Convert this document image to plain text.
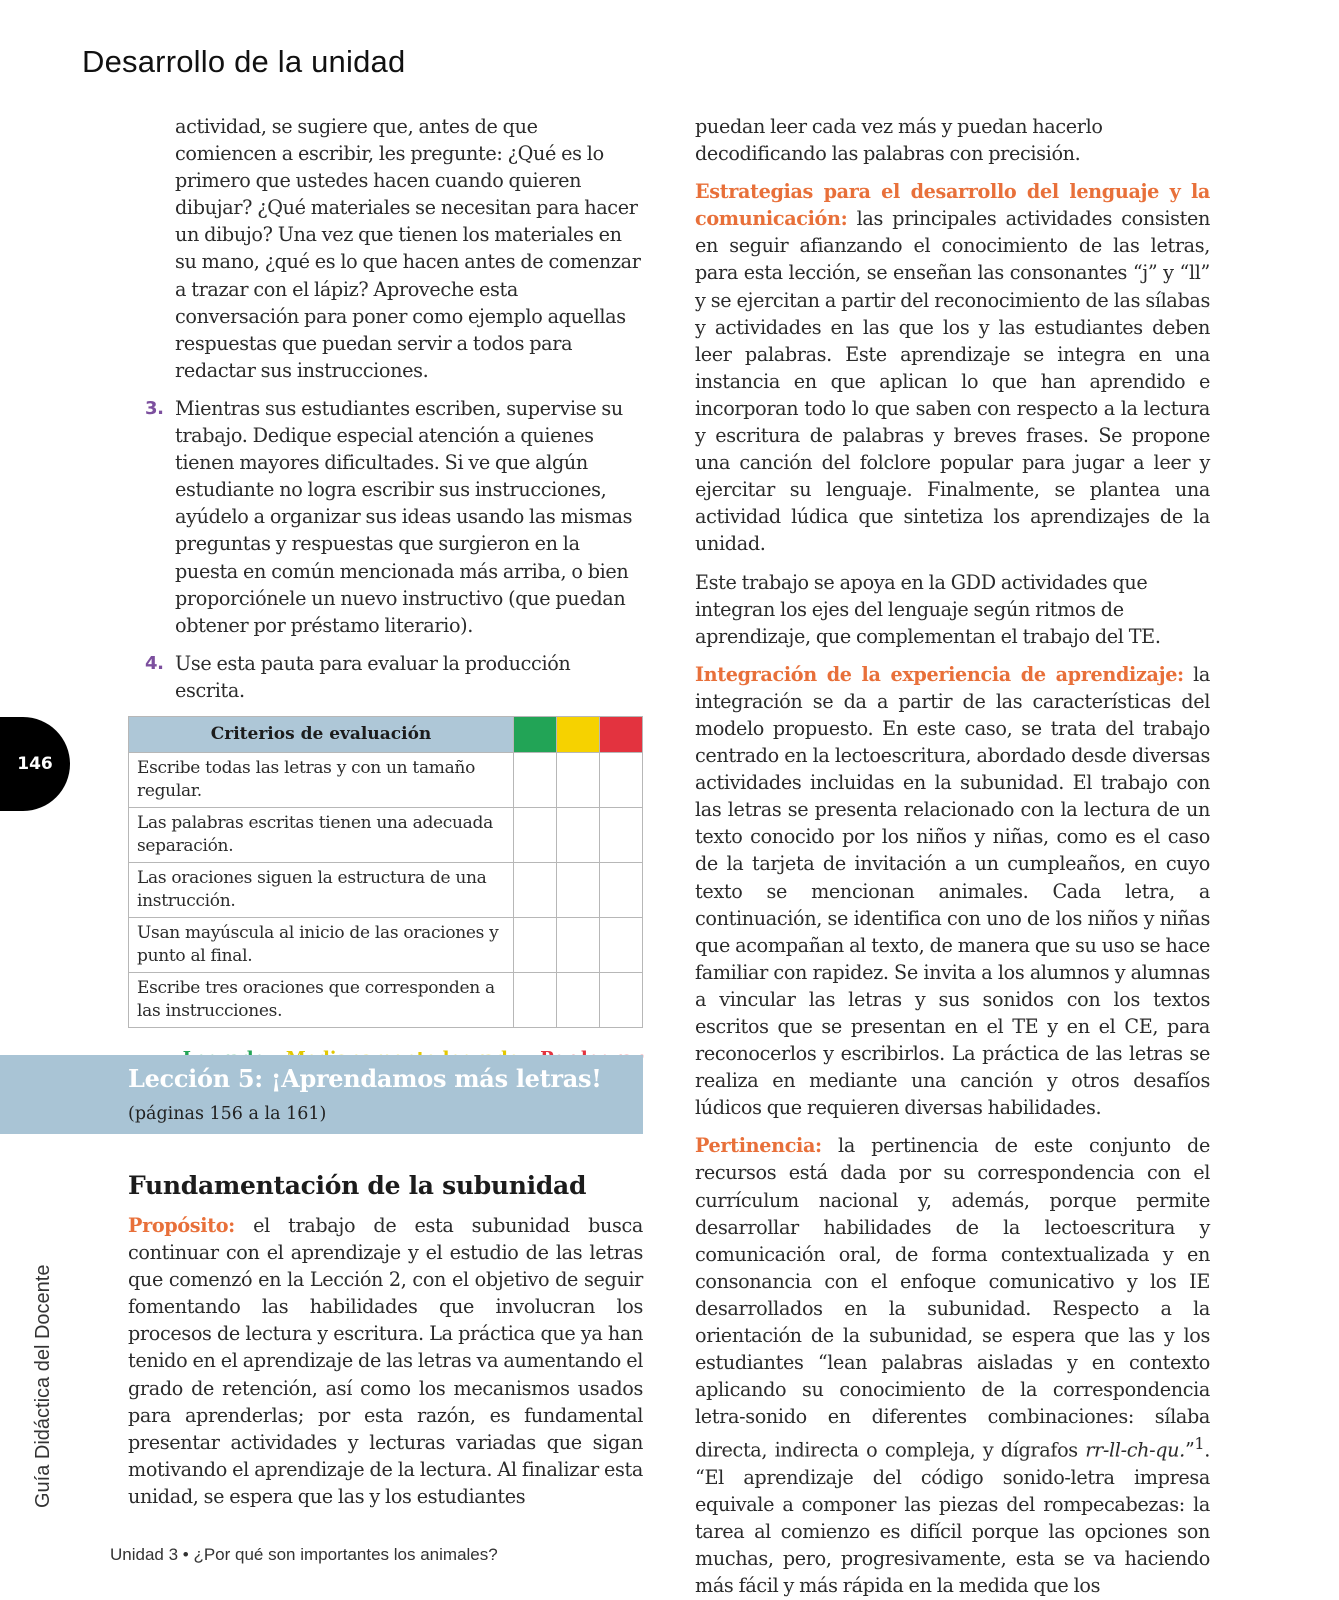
Desarrollo de la unidad
146
Guía Didáctica del Docente

actividad, se sugiere que, antes de que comiencen a escribir, les pregunte: ¿Qué es lo primero que ustedes hacen cuando quieren dibujar? ¿Qué materiales se necesitan para hacer un dibujo? Una vez que tienen los materiales en su mano, ¿qué es lo que hacen antes de comenzar a trazar con el lápiz? Aproveche esta conversación para poner como ejemplo aquellas respuestas que puedan servir a todos para redactar sus instrucciones.

3. Mientras sus estudiantes escriben, supervise su trabajo. Dedique especial atención a quienes tienen mayores dificultades. Si ve que algún estudiante no logra escribir sus instrucciones, ayúdelo a organizar sus ideas usando las mismas preguntas y respuestas que surgieron en la puesta en común mencionada más arriba, o bien proporciónele un nuevo instructivo (que puedan obtener por préstamo literario).
4. Use esta pauta para evaluar la producción escrita.
Criterios de evaluación			
Escribe todas las letras y con un tamaño regular.			
Las palabras escritas tienen una adecuada separación.			
Las oraciones siguen la estructura de una instrucción.			
Usan mayúscula al inicio de las oraciones y punto al final.			
Escribe tres oraciones que corresponden a las instrucciones.			
Lección 5: ¡Aprendamos más letras!
(páginas 156 a la 161)
Fundamentación de la subunidad

Propósito: el trabajo de esta subunidad busca continuar con el aprendizaje y el estudio de las letras que comenzó en la Lección 2, con el objetivo de seguir fomentando las habilidades que involucran los procesos de lectura y escritura. La práctica que ya han tenido en el aprendizaje de las letras va aumentando el grado de retención, así como los mecanismos usados para aprenderlas; por esta razón, es fundamental presentar actividades y lecturas variadas que sigan motivando el aprendizaje de la lectura. Al finalizar esta unidad, se espera que las y los estudiantes

puedan leer cada vez más y puedan hacerlo decodificando las palabras con precisión.

Estrategias para el desarrollo del lenguaje y la comunicación: las principales actividades consisten en seguir afianzando el conocimiento de las letras, para esta lección, se enseñan las consonantes “j” y “ll” y se ejercitan a partir del reconocimiento de las sílabas y actividades en las que los y las estudiantes deben leer palabras. Este aprendizaje se integra en una instancia en que aplican lo que han aprendido e incorporan todo lo que saben con respecto a la lectura y escritura de palabras y breves frases. Se propone una canción del folclore popular para jugar a leer y ejercitar su lenguaje. Finalmente, se plantea una actividad lúdica que sintetiza los aprendizajes de la unidad.

Este trabajo se apoya en la GDD actividades que integran los ejes del lenguaje según ritmos de aprendizaje, que complementan el trabajo del TE.

Integración de la experiencia de aprendizaje: la integración se da a partir de las características del modelo propuesto. En este caso, se trata del trabajo centrado en la lectoescritura, abordado desde diversas actividades incluidas en la subunidad. El trabajo con las letras se presenta relacionado con la lectura de un texto conocido por los niños y niñas, como es el caso de la tarjeta de invitación a un cumpleaños, en cuyo texto se mencionan animales. Cada letra, a continuación, se identifica con uno de los niños y niñas que acompañan al texto, de manera que su uso se hace familiar con rapidez. Se invita a los alumnos y alumnas a vincular las letras y sus sonidos con los textos escritos que se presentan en el TE y en el CE, para reconocerlos y escribirlos. La práctica de las letras se realiza en mediante una canción y otros desafíos lúdicos que requieren diversas habilidades.

Pertinencia: la pertinencia de este conjunto de recursos está dada por su correspondencia con el currículum nacional y, además, porque permite desarrollar habilidades de la lectoescritura y comunicación oral, de forma contextualizada y en consonancia con el enfoque comunicativo y los IE desarrollados en la subunidad. Respecto a la orientación de la subunidad, se espera que las y los estudiantes “lean palabras aisladas y en contexto aplicando su conocimiento de la correspondencia letra-sonido en diferentes combinaciones: sílaba directa, indirecta o compleja, y dígrafos rr-ll-ch-qu.”$^1$. “El aprendizaje del código sonido-letra impresa equivale a componer las piezas del rompecabezas: la tarea al comienzo es difícil porque las opciones son muchas, pero, progresivamente, esta se va haciendo más fácil y más rápida en la medida que los

Unidad 3 • ¿Por qué son importantes los animales?
